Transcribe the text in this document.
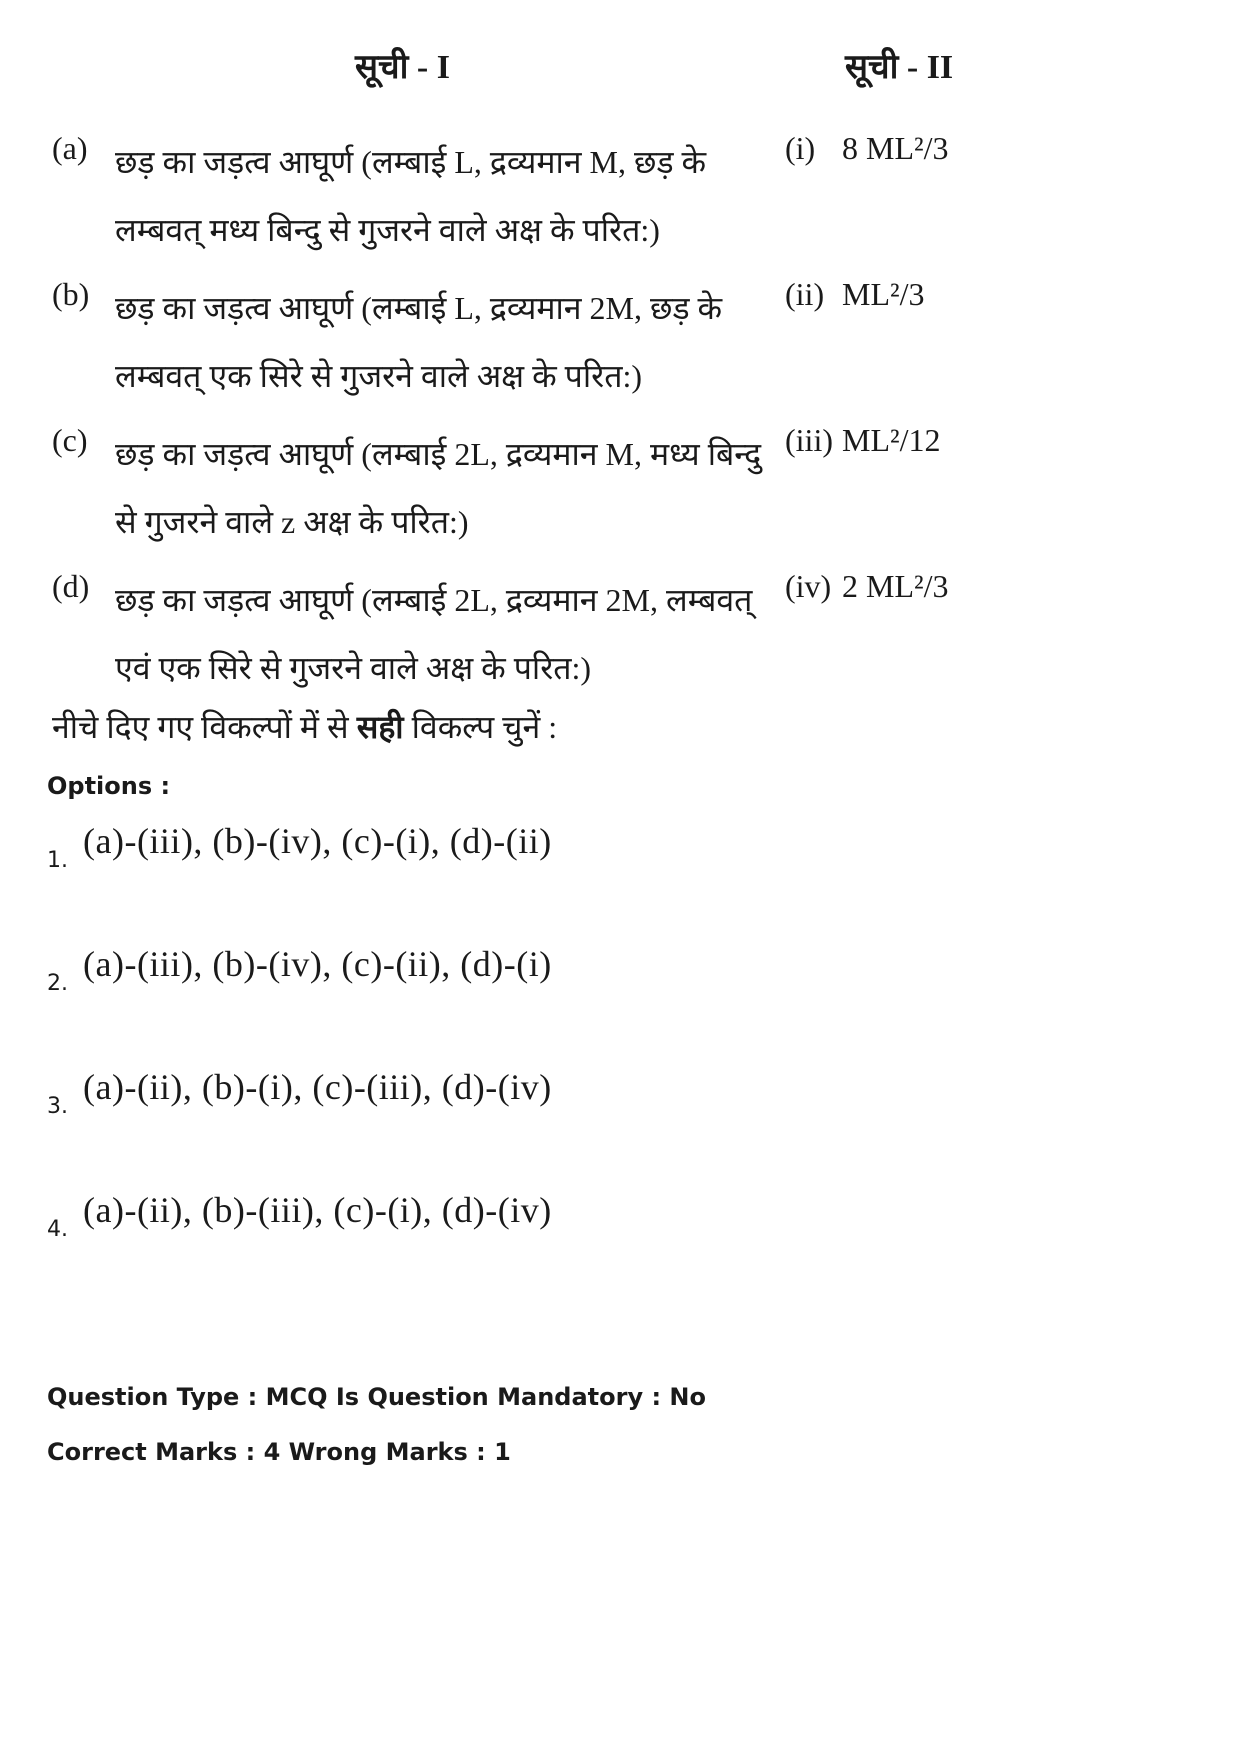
सूची - I	सूची - II
(a) छड़ का जड़त्व आघूर्ण (लम्बाई L, द्रव्यमान M, छड़ के लम्बवत् मध्य बिन्दु से गुजरने वाले अक्ष के परित:)
(i) 8 ML²/3
(b) छड़ का जड़त्व आघूर्ण (लम्बाई L, द्रव्यमान 2M, छड़ के लम्बवत् एक सिरे से गुजरने वाले अक्ष के परित:)
(ii) ML²/3
(c) छड़ का जड़त्व आघूर्ण (लम्बाई 2L, द्रव्यमान M, मध्य बिन्दु से गुजरने वाले z अक्ष के परित:)
(iii) ML²/12
(d) छड़ का जड़त्व आघूर्ण (लम्बाई 2L, द्रव्यमान 2M, लम्बवत् एवं एक सिरे से गुजरने वाले अक्ष के परित:)
(iv) 2 ML²/3
नीचे दिए गए विकल्पों में से सही विकल्प चुनें :
Options :
1. (a)-(iii), (b)-(iv), (c)-(i), (d)-(ii)
2. (a)-(iii), (b)-(iv), (c)-(ii), (d)-(i)
3. (a)-(ii), (b)-(i), (c)-(iii), (d)-(iv)
4. (a)-(ii), (b)-(iii), (c)-(i), (d)-(iv)
Question Type : MCQ Is Question Mandatory : No
Correct Marks : 4 Wrong Marks : 1
